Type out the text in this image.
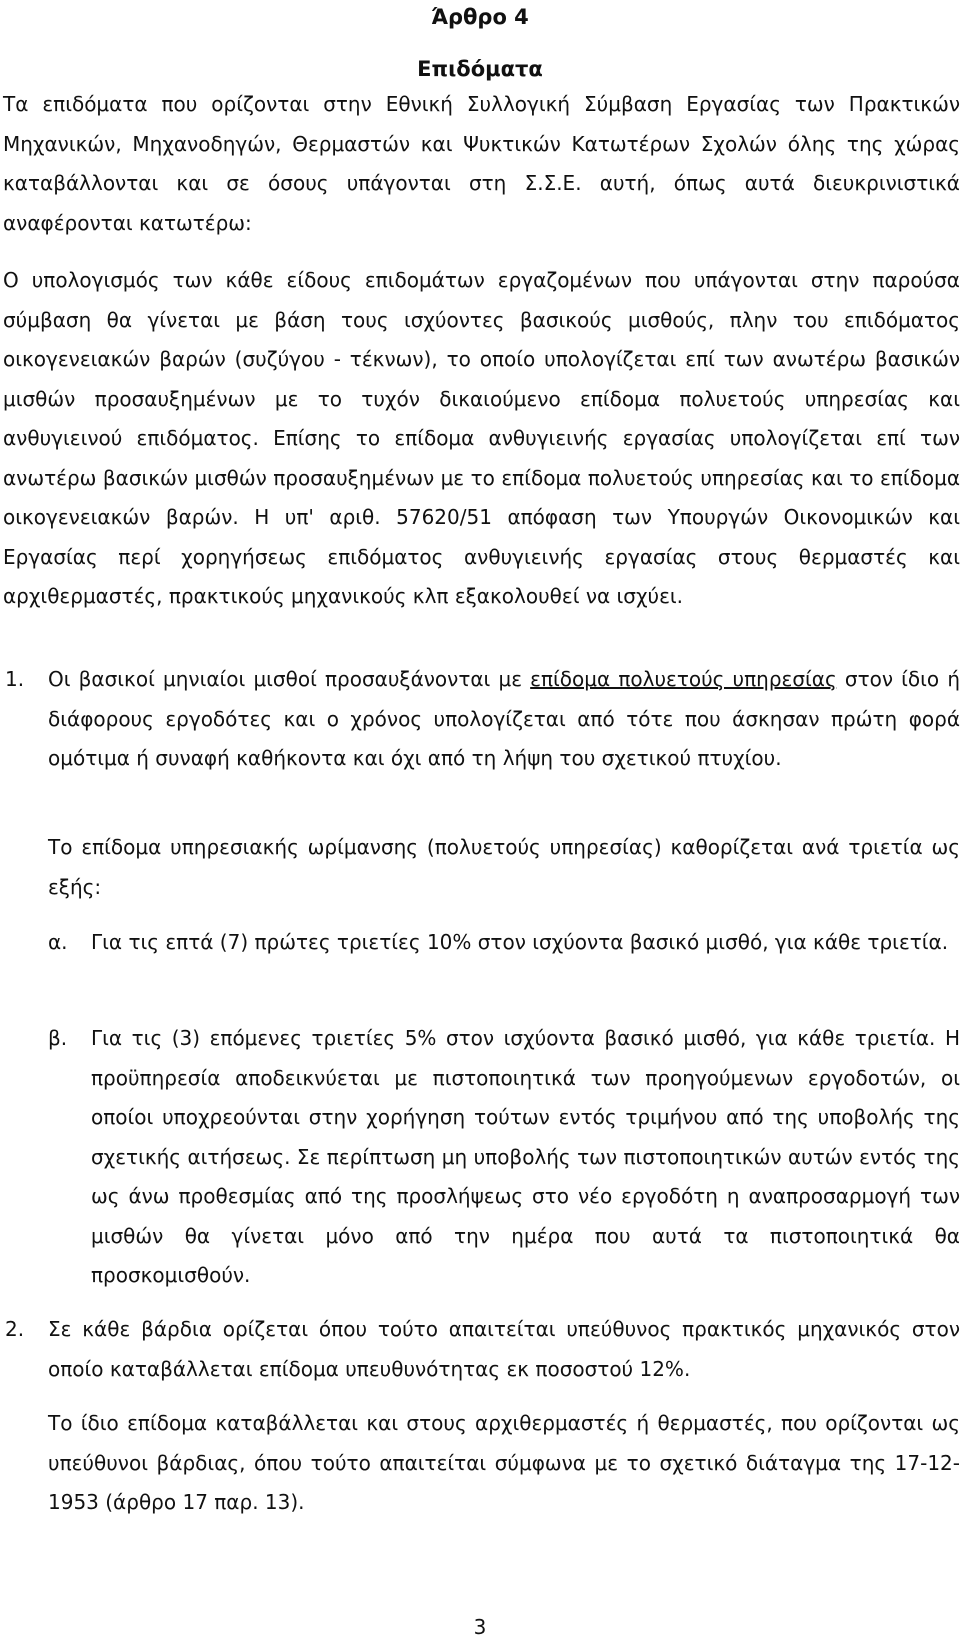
Άρθρο 4
Επιδόματα

Τα επιδόματα που ορίζονται στην Εθνική Συλλογική Σύμβαση Εργασίας των Πρακτικών Μηχανικών, Μηχανοδηγών, Θερμαστών και Ψυκτικών Κατωτέρων Σχολών όλης της χώρας καταβάλλονται και σε όσους υπάγονται στη Σ.Σ.Ε. αυτή, όπως αυτά διευκρινιστικά αναφέρονται κατωτέρω:

Ο υπολογισμός των κάθε είδους επιδομάτων εργαζομένων που υπάγονται στην παρούσα σύμβαση θα γίνεται με βάση τους ισχύοντες βασικούς μισθούς, πλην του επιδόματος οικογενειακών βαρών (συζύγου - τέκνων), το οποίο υπολογίζεται επί των ανωτέρω βασικών μισθών προσαυξημένων με το τυχόν δικαιούμενο επίδομα πολυετούς υπηρεσίας και ανθυγιεινού επιδόματος. Επίσης το επίδομα ανθυγιεινής εργασίας υπολογίζεται επί των ανωτέρω βασικών μισθών προσαυξημένων με το επίδομα πολυετούς υπηρεσίας και το επίδομα οικογενειακών βαρών. Η υπ' αριθ. 57620/51 απόφαση των Υπουργών Οικονομικών και Εργασίας περί χορηγήσεως επιδόματος ανθυγιεινής εργασίας στους θερμαστές και αρχιθερμαστές, πρακτικούς μηχανικούς κλπ εξακολουθεί να ισχύει.

1. Οι βασικοί μηνιαίοι μισθοί προσαυξάνονται με επίδομα πολυετούς υπηρεσίας στον ίδιο ή διάφορους εργοδότες και ο χρόνος υπολογίζεται από τότε που άσκησαν πρώτη φορά ομότιμα ή συναφή καθήκοντα και όχι από τη λήψη του σχετικού πτυχίου.

Το επίδομα υπηρεσιακής ωρίμανσης (πολυετούς υπηρεσίας) καθορίζεται ανά τριετία ως εξής:

α. Για τις επτά (7) πρώτες τριετίες 10% στον ισχύοντα βασικό μισθό, για κάθε τριετία.

β. Για τις (3) επόμενες τριετίες 5% στον ισχύοντα βασικό μισθό, για κάθε τριετία. Η προϋπηρεσία αποδεικνύεται με πιστοποιητικά των προηγούμενων εργοδοτών, οι οποίοι υποχρεούνται στην χορήγηση τούτων εντός τριμήνου από της υποβολής της σχετικής αιτήσεως. Σε περίπτωση μη υποβολής των πιστοποιητικών αυτών εντός της ως άνω προθεσμίας από της προσλήψεως στο νέο εργοδότη η αναπροσαρμογή των μισθών θα γίνεται μόνο από την ημέρα που αυτά τα πιστοποιητικά θα προσκομισθούν.

2. Σε κάθε βάρδια ορίζεται όπου τούτο απαιτείται υπεύθυνος πρακτικός μηχανικός στον οποίο καταβάλλεται επίδομα υπευθυνότητας εκ ποσοστού 12%.

Το ίδιο επίδομα καταβάλλεται και στους αρχιθερμαστές ή θερμαστές, που ορίζονται ως υπεύθυνοι βάρδιας, όπου τούτο απαιτείται σύμφωνα με το σχετικό διάταγμα της 17-12-1953 (άρθρο 17 παρ. 13).

3
